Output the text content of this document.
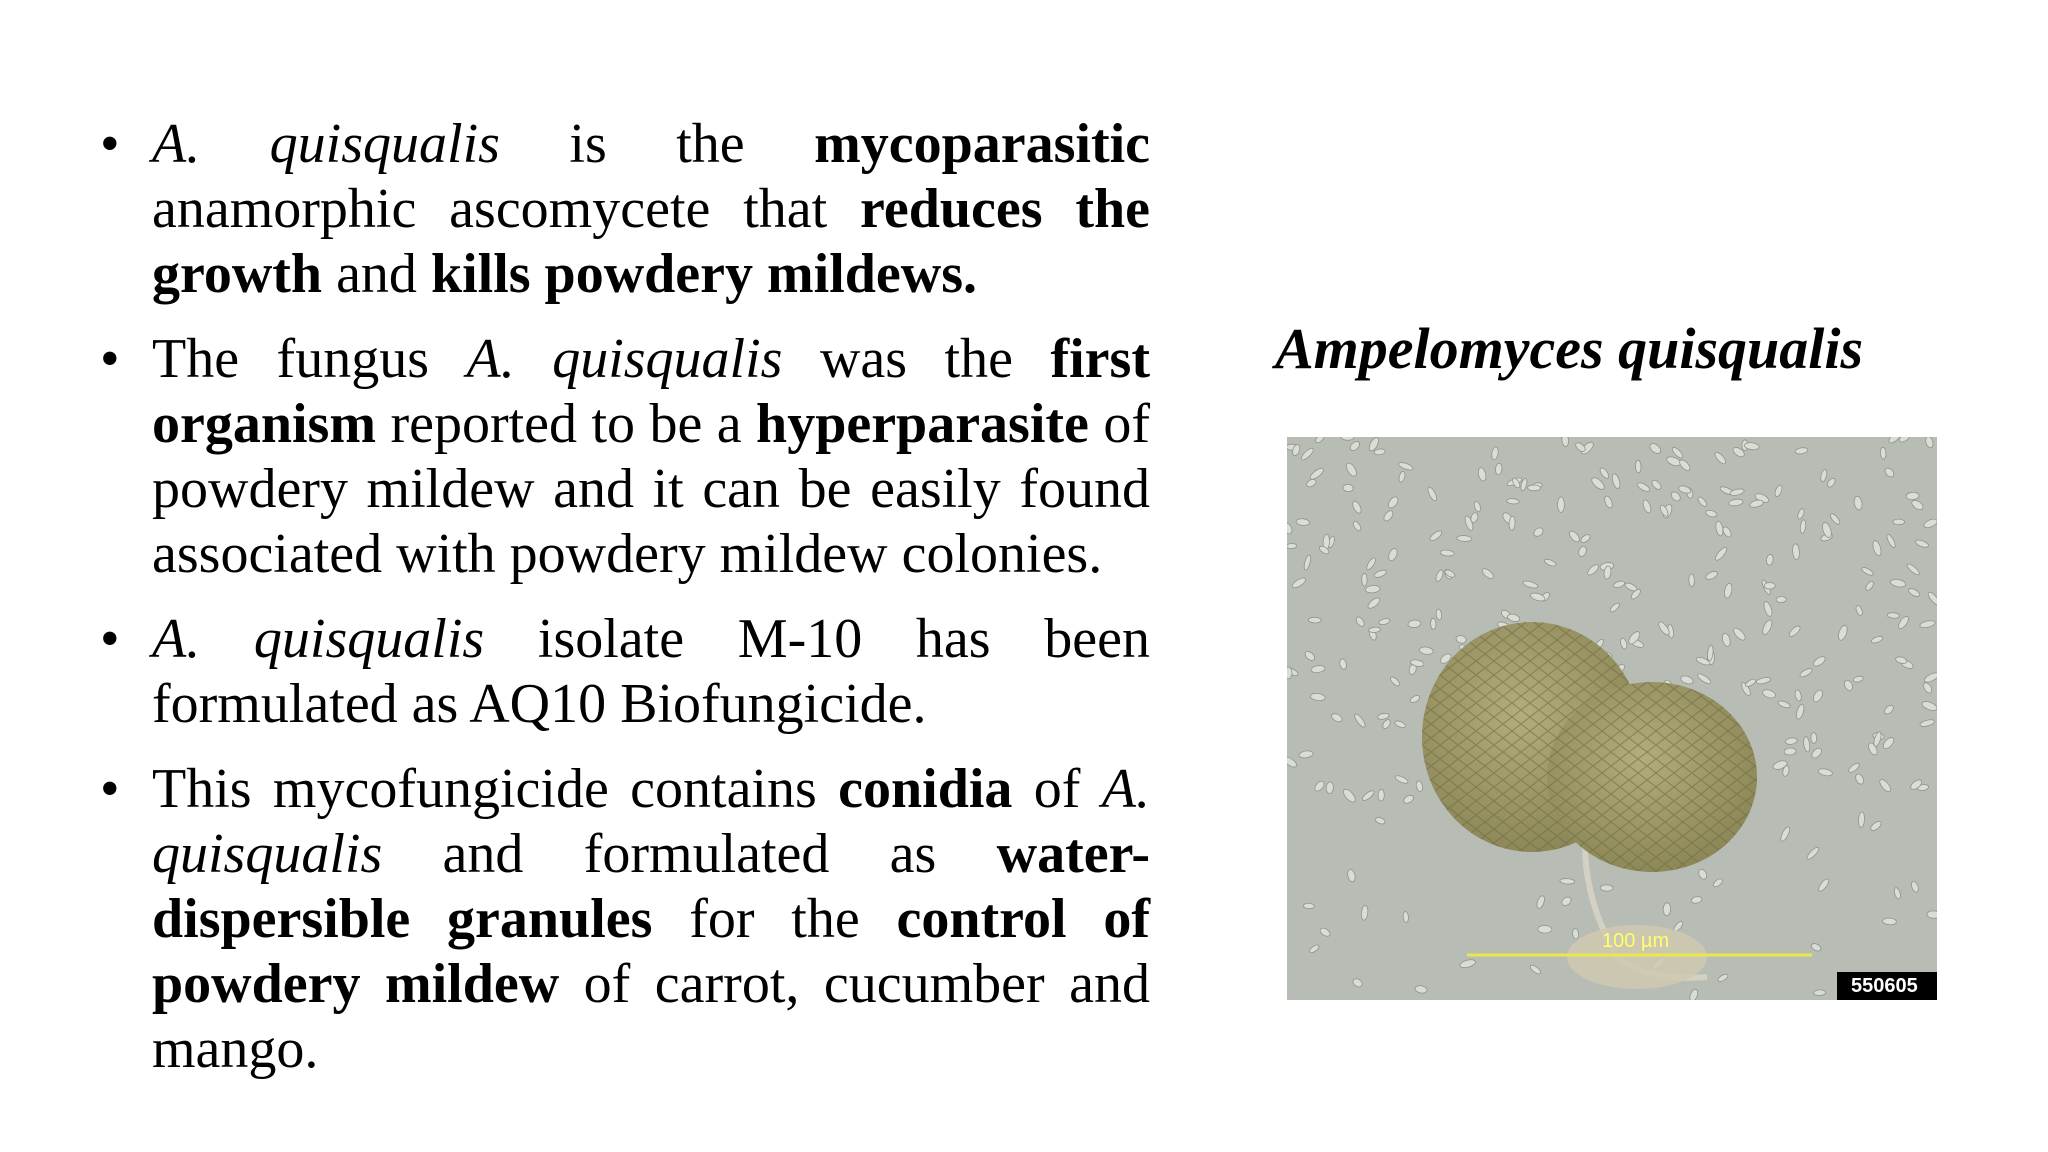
• A. quisqualis is the mycoparasitic anamorphic ascomycete that reduces the growth and kills powdery mildews.
• The fungus A. quisqualis was the first organism reported to be a hyperparasite of powdery mildew and it can be easily found associated with powdery mildew colonies.
• A. quisqualis isolate M-10 has been formulated as AQ10 Biofungicide.
• This mycofungicide contains conidia of A. quisqualis and formulated as water-dispersible granules for the control of powdery mildew of carrot, cucumber and mango.
Ampelomyces quisqualis
100 µm
550605
